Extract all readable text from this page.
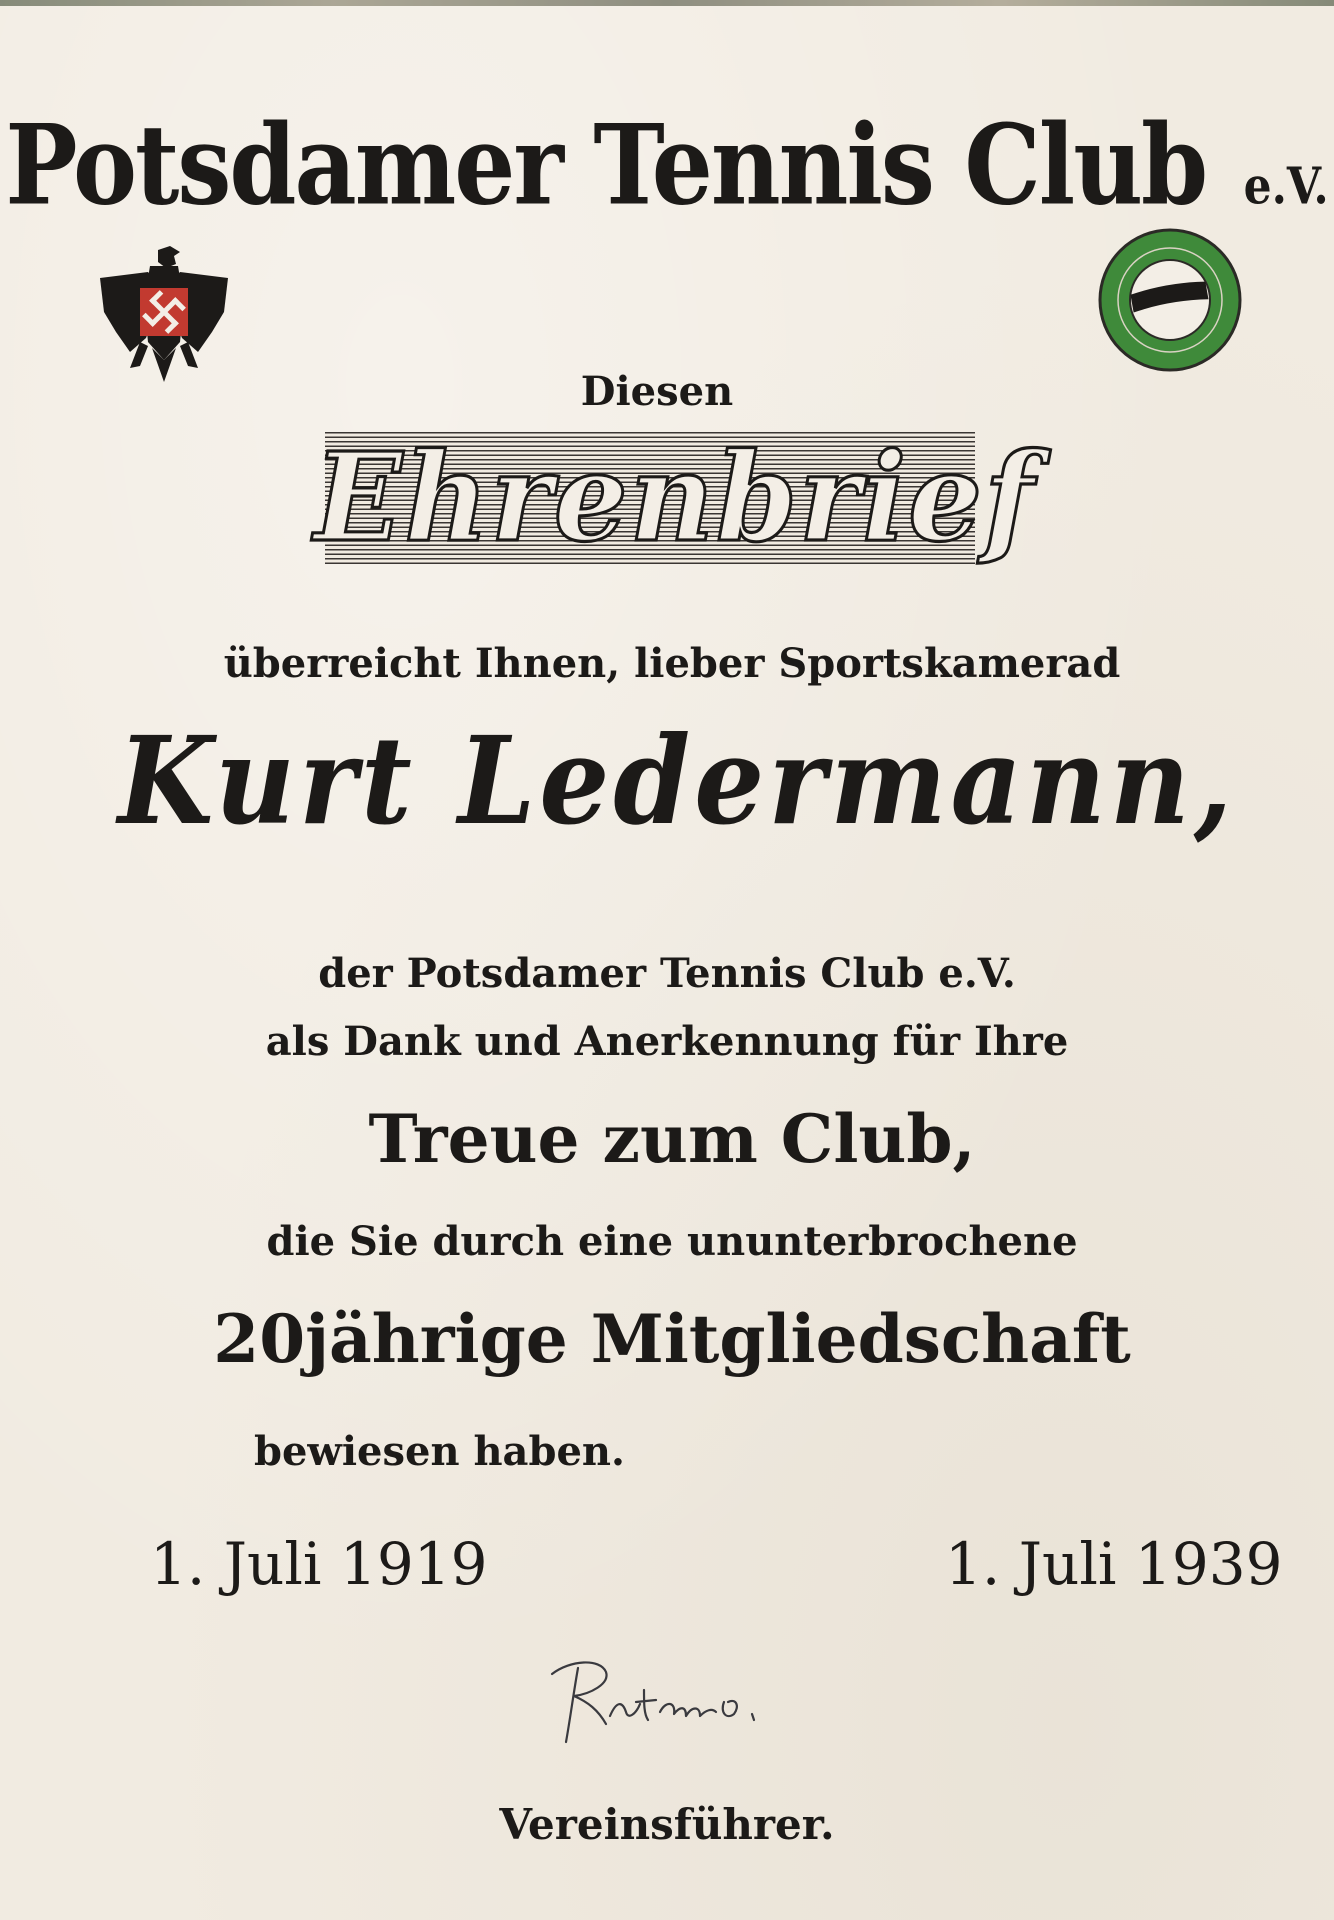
Potsdamer Tennis Club e.V.
Diesen
Ehrenbrief
überreicht Ihnen, lieber Sportskamerad
Kurt Ledermann,
der Potsdamer Tennis Club e.V.
als Dank und Anerkennung für Ihre
Treue zum Club,
die Sie durch eine ununterbrochene
20jährige Mitgliedschaft
bewiesen haben.
1. Juli 1919	1. Juli 1939
Vereinsführer.
